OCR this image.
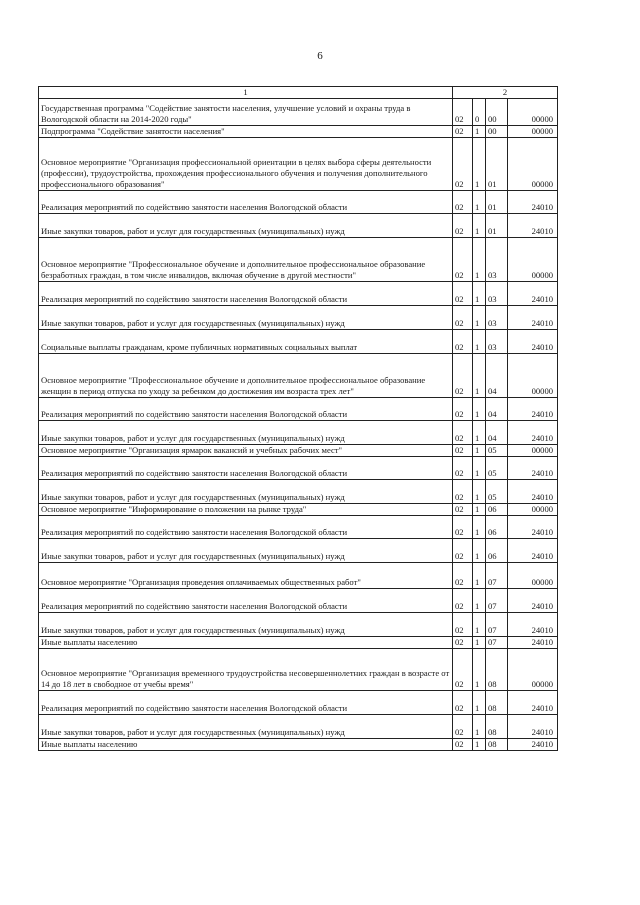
6
1	2			
Государственная программа "Содействие занятости населения, улучшение условий и охраны труда в Вологодской области на 2014-2020 годы"	02	0	00	00000
Подпрограмма "Содействие занятости населения"	02	1	00	00000
Основное мероприятие "Организация профессиональной ориентации в целях выбора сферы деятельности (профессии), трудоустройства, прохождения профессионального обучения и получения дополнительного профессионального образования"	02	1	01	00000
Реализация мероприятий по содействию занятости населения Вологодской области	02	1	01	24010
Иные закупки товаров, работ и услуг для государственных (муниципальных) нужд	02	1	01	24010
Основное мероприятие "Профессиональное обучение и дополнительное профессиональное образование безработных граждан, в том числе инвалидов, включая обучение в другой местности"	02	1	03	00000
Реализация мероприятий по содействию занятости населения Вологодской области	02	1	03	24010
Иные закупки товаров, работ и услуг для государственных (муниципальных) нужд	02	1	03	24010
Социальные выплаты гражданам, кроме публичных нормативных социальных выплат	02	1	03	24010
Основное мероприятие "Профессиональное обучение и дополнительное профессиональное образование женщин в период отпуска по уходу за ребенком до достижения им возраста трех лет"	02	1	04	00000
Реализация мероприятий по содействию занятости населения Вологодской области	02	1	04	24010
Иные закупки товаров, работ и услуг для государственных (муниципальных) нужд	02	1	04	24010
Основное мероприятие "Организация ярмарок вакансий и учебных рабочих мест"	02	1	05	00000
Реализация мероприятий по содействию занятости населения Вологодской области	02	1	05	24010
Иные закупки товаров, работ и услуг для государственных (муниципальных) нужд	02	1	05	24010
Основное мероприятие "Информирование о положении на рынке труда"	02	1	06	00000
Реализация мероприятий по содействию занятости населения Вологодской области	02	1	06	24010
Иные закупки товаров, работ и услуг для государственных (муниципальных) нужд	02	1	06	24010
Основное мероприятие "Организация проведения оплачиваемых общественных работ"	02	1	07	00000
Реализация мероприятий по содействию занятости населения Вологодской области	02	1	07	24010
Иные закупки товаров, работ и услуг для государственных (муниципальных) нужд	02	1	07	24010
Иные выплаты населению	02	1	07	24010
Основное мероприятие "Организация временного трудоустройства несовершеннолетних граждан в возрасте от 14 до 18 лет в свободное от учебы время"	02	1	08	00000
Реализация мероприятий по содействию занятости населения Вологодской области	02	1	08	24010
Иные закупки товаров, работ и услуг для государственных (муниципальных) нужд	02	1	08	24010
Иные выплаты населению	02	1	08	24010
